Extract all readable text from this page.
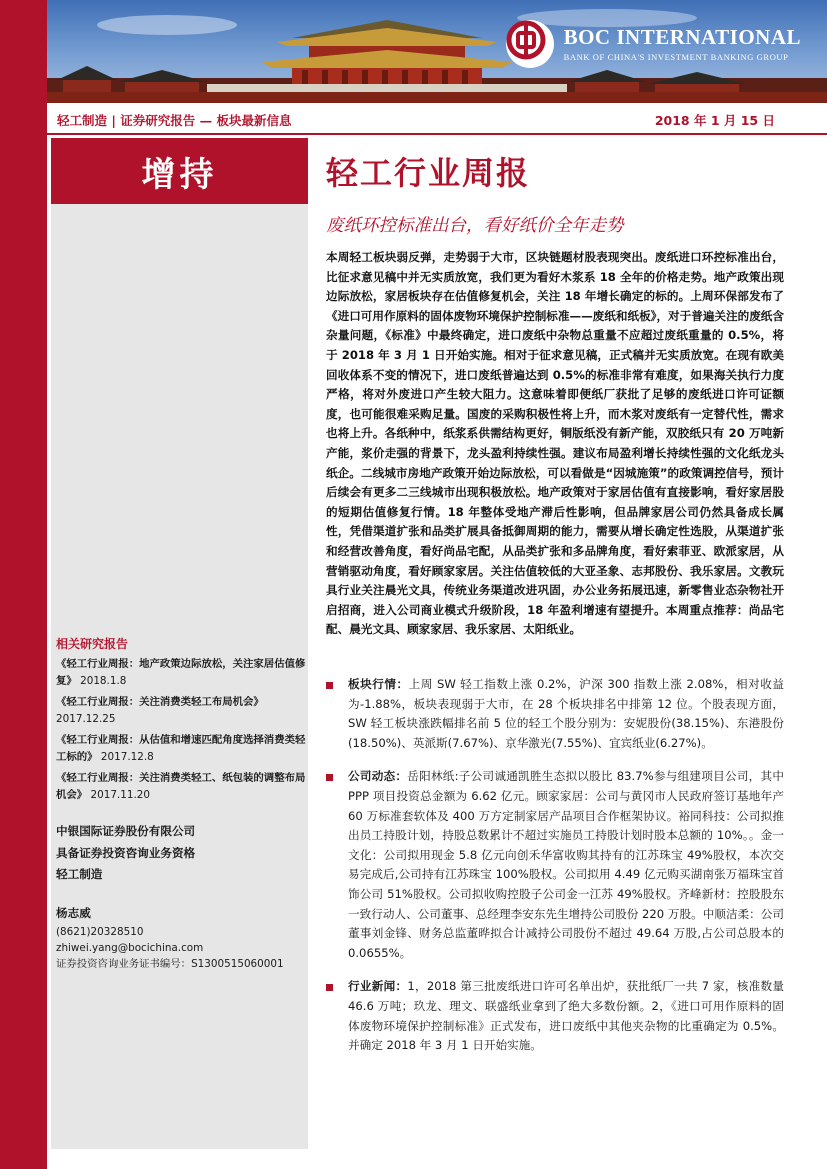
BOC INTERNATIONAL
BANK OF CHINA'S INVESTMENT BANKING GROUP
轻工制造 | 证券研究报告 — 板块最新信息	2018 年 1 月 15 日
增持	轻工行业周报
废纸环控标准出台，看好纸价全年走势
本周轻工板块弱反弹，走势弱于大市，区块链题材股表现突出。废纸进口环控标准出台，比征求意见稿中并无实质放宽，我们更为看好木浆系 18 全年的价格走势。地产政策出现边际放松，家居板块存在估值修复机会，关注 18 年增长确定的标的。上周环保部发布了《进口可用作原料的固体废物环境保护控制标准——废纸和纸板》，对于普遍关注的废纸含杂量问题，《标准》中最终确定，进口废纸中杂物总重量不应超过废纸重量的 0.5%，将于 2018 年 3 月 1 日开始实施。相对于征求意见稿，正式稿并无实质放宽。在现有欧美回收体系不变的情况下，进口废纸普遍达到 0.5%的标准非常有难度，如果海关执行力度严格，将对外废进口产生较大阻力。这意味着即便纸厂获批了足够的废纸进口许可证额度，也可能很难采购足量。国废的采购积极性将上升，而木浆对废纸有一定替代性，需求也将上升。各纸种中，纸浆系供需结构更好，铜版纸没有新产能，双胶纸只有 20 万吨新产能，浆价走强的背景下，龙头盈利持续性强。建议布局盈利增长持续性强的文化纸龙头纸企。二线城市房地产政策开始边际放松，可以看做是“因城施策”的政策调控信号，预计后续会有更多二三线城市出现积极放松。地产政策对于家居估值有直接影响，看好家居股的短期估值修复行情。18 年整体受地产滞后性影响，但品牌家居公司仍然具备成长属性，凭借渠道扩张和品类扩展具备抵御周期的能力，需要从增长确定性选股，从渠道扩张和经营改善角度，看好尚品宅配，从品类扩张和多品牌角度，看好索菲亚、欧派家居，从营销驱动角度，看好顾家家居。关注估值较低的大亚圣象、志邦股份、我乐家居。文教玩具行业关注晨光文具，传统业务渠道改进巩固，办公业务拓展迅速，新零售业态杂物社开启招商，进入公司商业模式升级阶段，18 年盈利增速有望提升。本周重点推荐：尚品宅配、晨光文具、顾家家居、我乐家居、太阳纸业。
板块行情：上周 SW 轻工指数上涨 0.2%，沪深 300 指数上涨 2.08%，相对收益为-1.88%，板块表现弱于大市，在 28 个板块排名中排第 12 位。个股表现方面，SW 轻工板块涨跌幅排名前 5 位的轻工个股分别为：安妮股份(38.15%)、东港股份(18.50%)、英派斯(7.67%)、京华激光(7.55%)、宜宾纸业(6.27%)。
公司动态：岳阳林纸:子公司诚通凯胜生态拟以股比 83.7%参与组建项目公司，其中 PPP 项目投资总金额为 6.62 亿元。顾家家居：公司与黄冈市人民政府签订基地年产 60 万标准套软体及 400 万方定制家居产品项目合作框架协议。裕同科技：公司拟推出员工持股计划，持股总数累计不超过实施员工持股计划时股本总额的 10%。。金一文化：公司拟用现金 5.8 亿元向创禾华富收购其持有的江苏珠宝 49%股权，本次交易完成后,公司持有江苏珠宝 100%股权。公司拟用 4.49 亿元购买湖南张万福珠宝首饰公司 51%股权。公司拟收购控股子公司金一江苏 49%股权。齐峰新材：控股股东一致行动人、公司董事、总经理李安东先生增持公司股份 220 万股。中顺洁柔：公司董事刘金锋、财务总监董晔拟合计减持公司股份不超过 49.64 万股,占公司总股本的 0.0655%。
行业新闻：1，2018 第三批废纸进口许可名单出炉，获批纸厂一共 7 家，核准数量 46.6 万吨；玖龙、理文、联盛纸业拿到了绝大多数份额。2，《进口可用作原料的固体废物环境保护控制标准》正式发布，进口废纸中其他夹杂物的比重确定为 0.5%。并确定 2018 年 3 月 1 日开始实施。
相关研究报告
《轻工行业周报：地产政策边际放松，关注家居估值修复》 2018.1.8
《轻工行业周报：关注消费类轻工布局机会》 2017.12.25
《轻工行业周报：从估值和增速匹配角度选择消费类轻工标的》 2017.12.8
《轻工行业周报：关注消费类轻工、纸包装的调整布局机会》 2017.11.20
中银国际证券股份有限公司
具备证券投资咨询业务资格
轻工制造
杨志威
(8621)20328510
zhiwei.yang@bocichina.com
证券投资咨询业务证书编号：S1300515060001
